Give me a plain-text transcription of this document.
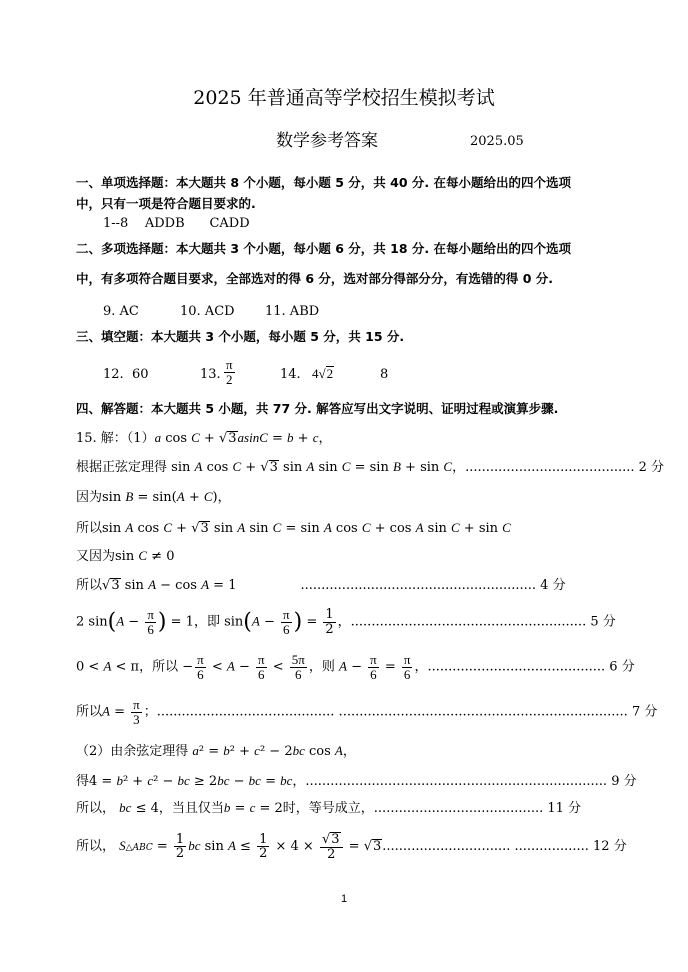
2025 年普通高等学校招生模拟考试
数学参考答案	2025.05
一、单项选择题：本大题共 8 个小题，每小题 5 分，共 40 分. 在每小题给出的四个选项
中，只有一项是符合题目要求的.
1--8    ADDB      CADD
二、多项选择题：本大题共 3 个小题，每小题 6 分，共 18 分. 在每小题给出的四个选项
中，有多项符合题目要求，全部选对的得 6 分，选对部分得部分分，有选错的得 0 分.
9. AC	10. ACD 11. ABD
三、填空题：本大题共 3 个小题，每小题 5 分，共 15 分.
12.  60	13. $\frac{\pi}{2}$	14. 4√2	8
四、解答题：本大题共 5 小题，共 77 分. 解答应写出文字说明、证明过程或演算步骤.
15. 解：（1）a cos C + √3asinC = b + c，
根据正弦定理得 sin A cos C + √3 sin A sin C = sin B + sin C，......................................... 2 分
因为sin B = sin(A + C)，
所以sin A cos C + √3 sin A sin C = sin A cos C + cos A sin C + sin C
又因为sin C ≠ 0
所以√3 sin A − cos A = 1	......................................................... 4 分
2 $\sin(A - \frac{\pi}{6}$ ) = 1，即 $\sin(A - \frac{\pi}{6}$ ) = $\frac{1}{2}$ ，......................................................... 5 分
0 < A < π，所以 − $\frac{\pi}{6} < A - \frac{\pi}{6} < \frac{5\pi}{6}$ ，则 $A - \frac{\pi}{6} = \frac{\pi}{6}$ ，........................................... 6 分
所以$A = \frac{\pi}{3}$ ；........................................... ...................................................................... 7 分
（2）由余弦定理得 a² = b² + c² − 2bc cos A，
得4 = b² + c² − bc ≥ 2bc − bc = bc，......................................................................... 9 分
所以， bc ≤ 4，当且仅当b = c = 2时，等号成立，......................................... 11 分
所以， S△ABC = $\frac{1}{2}$ bc $\sin A \le \frac{1}{2} \times 4 \times \frac{√3}{2} = √3$............................... .................. 12 分
1
